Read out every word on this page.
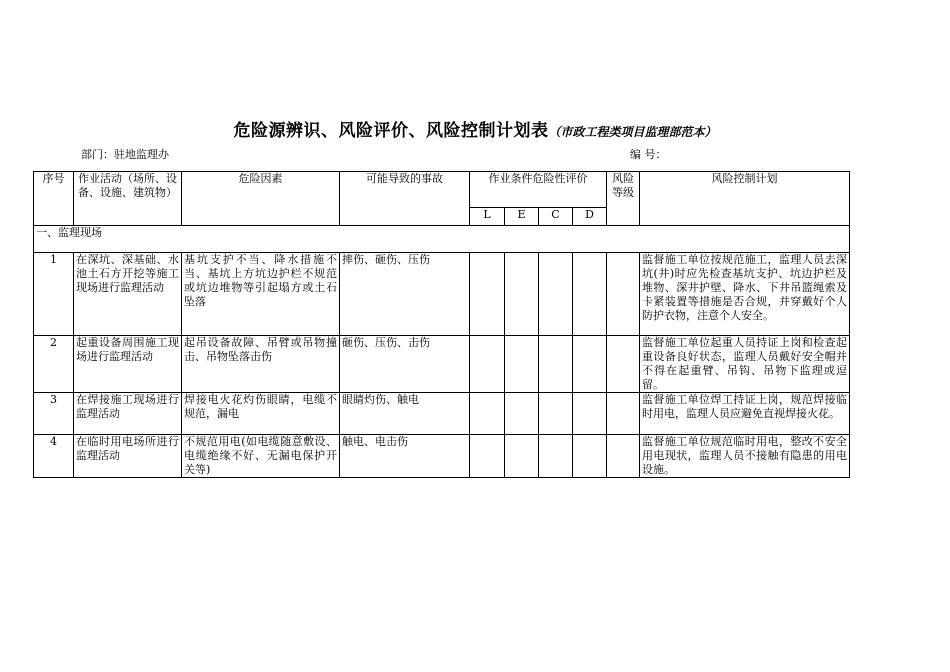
危险源辨识、风险评价、风险控制计划表（市政工程类项目监理部范本）
部门：驻地监理办	编 号：
序号	作业活动（场所、设备、设施、建筑物）	危险因素	可能导致的事故	作业条件危险性评价				风险等级	风险控制计划
				L	E	C	D		
一、监理现场									
1	在深坑、深基础、水池土石方开挖等施工现场进行监理活动	基坑支护不当、降水措施不当、基坑上方坑边护栏不规范或坑边堆物等引起塌方或土石坠落	摔伤、砸伤、压伤						监督施工单位按规范施工，监理人员去深坑(井)时应先检查基坑支护、坑边护栏及堆物、深井护壁、降水、下井吊篮绳索及卡紧装置等措施是否合规，并穿戴好个人防护衣物，注意个人安全。
2	起重设备周围施工现场进行监理活动	起吊设备故障、吊臂或吊物撞击、吊物坠落击伤	砸伤、压伤、击伤						监督施工单位起重人员持证上岗和检查起重设备良好状态，监理人员戴好安全帽并不得在起重臂、吊钩、吊物下监理或逗留。
3	在焊接施工现场进行监理活动	焊接电火花灼伤眼睛，电缆不规范，漏电	眼睛灼伤、触电						监督施工单位焊工持证上岗，规范焊接临时用电，监理人员应避免直视焊接火花。
4	在临时用电场所进行监理活动	不规范用电(如电缆随意敷设、电缆绝缘不好、无漏电保护开关等)	触电、电击伤						监督施工单位规范临时用电，整改不安全用电现状，监理人员不接触有隐患的用电设施。
